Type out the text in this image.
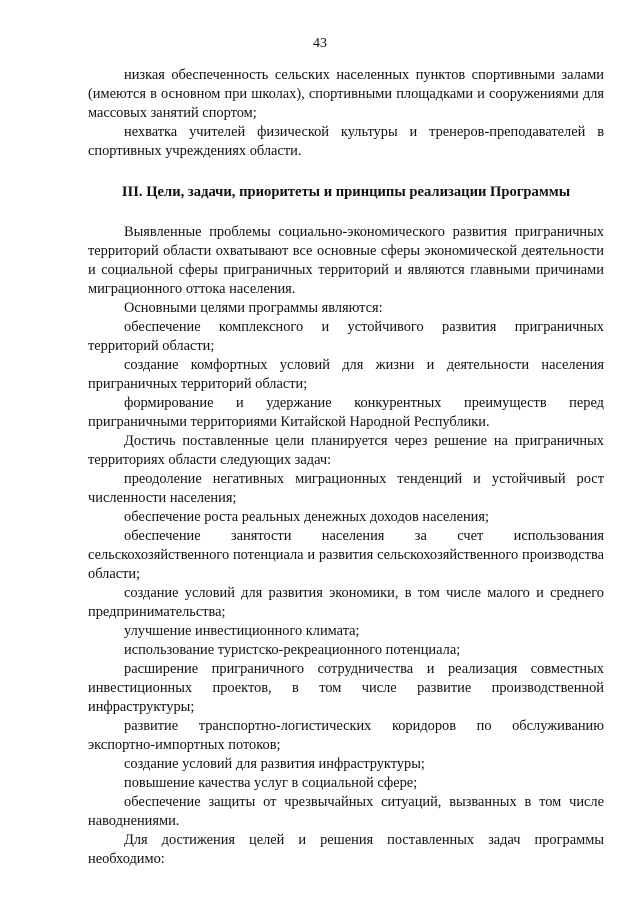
43

низкая обеспеченность сельских населенных пунктов спортивными залами (имеются в основном при школах), спортивными площадками и сооружениями для массовых занятий спортом;

нехватка учителей физической культуры и тренеров-преподавателей в спортивных учреждениях области.

III. Цели, задачи, приоритеты и принципы реализации Программы

Выявленные проблемы социально-экономического развития приграничных территорий области охватывают все основные сферы экономической деятельности и социальной сферы приграничных территорий и являются главными причинами миграционного оттока населения.

Основными целями программы являются:

обеспечение комплексного и устойчивого развития приграничных территорий области;

создание комфортных условий для жизни и деятельности населения приграничных территорий области;

формирование и удержание конкурентных преимуществ перед приграничными территориями Китайской Народной Республики.

Достичь поставленные цели планируется через решение на приграничных территориях области следующих задач:

преодоление негативных миграционных тенденций и устойчивый рост численности населения;

обеспечение роста реальных денежных доходов населения;

обеспечение занятости населения за счет использования сельскохозяйственного потенциала и развития сельскохозяйственного производства области;

создание условий для развития экономики, в том числе малого и среднего предпринимательства;

улучшение инвестиционного климата;

использование туристско-рекреационного потенциала;

расширение приграничного сотрудничества и реализация совместных инвестиционных проектов, в том числе развитие производственной инфраструктуры;

развитие транспортно-логистических коридоров по обслуживанию экспортно-импортных потоков;

создание условий для развития инфраструктуры;

повышение качества услуг в социальной сфере;

обеспечение защиты от чрезвычайных ситуаций, вызванных в том числе наводнениями.

Для достижения целей и решения поставленных задач программы необходимо:
